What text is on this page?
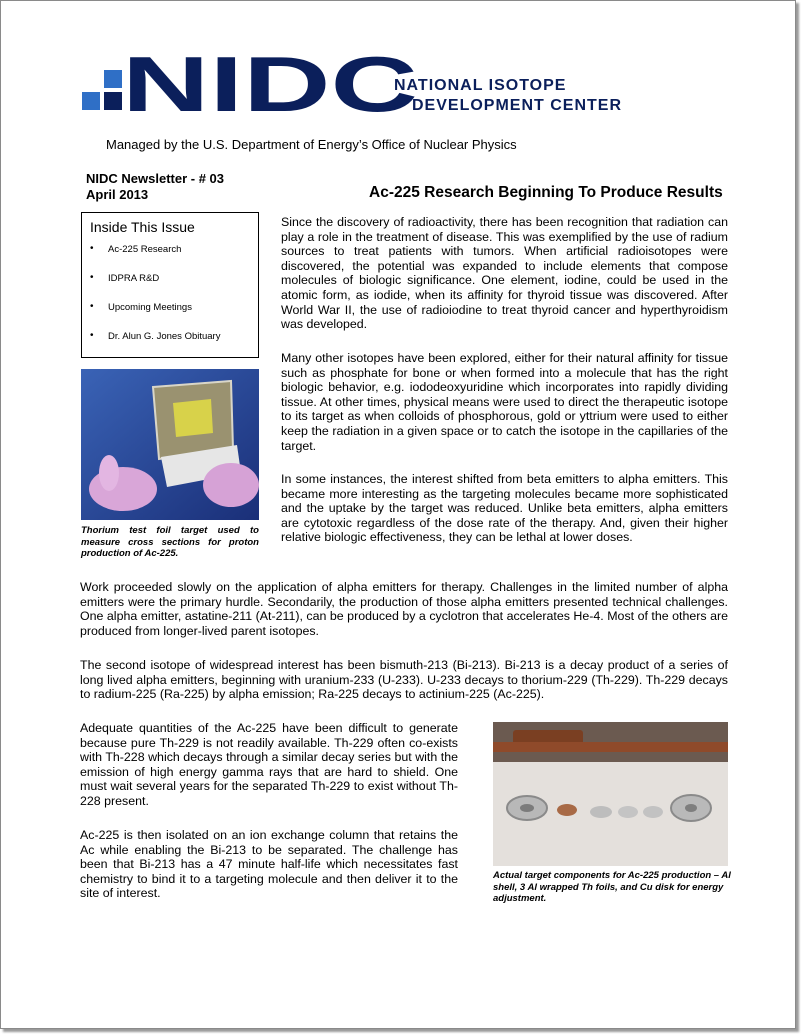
NIDC
NATIONAL ISOTOPE
DEVELOPMENT CENTER
Managed by the U.S. Department of Energy’s Office of Nuclear Physics
NIDC Newsletter - # 03
April 2013	Ac-225 Research Beginning To Produce Results
Inside This Issue
• Ac-225 Research
• IDPRA R&D
• Upcoming Meetings
• Dr. Alun G. Jones Obituary
Thorium test foil target used to measure cross sections for proton production of Ac-225.

Since the discovery of radioactivity, there has been recognition that radiation can play a role in the treatment of disease. This was exemplified by the use of radium sources to treat patients with tumors. When artificial radioisotopes were discovered, the potential was expanded to include elements that compose molecules of biologic significance. One element, iodine, could be used in the atomic form, as iodide, when its affinity for thyroid tissue was discovered. After World War II, the use of radioiodine to treat thyroid cancer and hyperthyroidism was developed.

Many other isotopes have been explored, either for their natural affinity for tissue such as phosphate for bone or when formed into a molecule that has the right biologic behavior, e.g. iododeoxyuridine which incorporates into rapidly dividing tissue. At other times, physical means were used to direct the therapeutic isotope to its target as when colloids of phosphorous, gold or yttrium were used to either keep the radiation in a given space or to catch the isotope in the capillaries of the target.

In some instances, the interest shifted from beta emitters to alpha emitters. This became more interesting as the targeting molecules became more sophisticated and the uptake by the target was reduced. Unlike beta emitters, alpha emitters are cytotoxic regardless of the dose rate of the therapy. And, given their higher relative biologic effectiveness, they can be lethal at lower doses.

Work proceeded slowly on the application of alpha emitters for therapy. Challenges in the limited number of alpha emitters were the primary hurdle. Secondarily, the production of those alpha emitters presented technical challenges. One alpha emitter, astatine-211 (At-211), can be produced by a cyclotron that accelerates He-4. Most of the others are produced from longer-lived parent isotopes.

The second isotope of widespread interest has been bismuth-213 (Bi-213). Bi-213 is a decay product of a series of long lived alpha emitters, beginning with uranium-233 (U-233). U-233 decays to thorium-229 (Th-229). Th-229 decays to radium-225 (Ra-225) by alpha emission; Ra-225 decays to actinium-225 (Ac-225).

Adequate quantities of the Ac-225 have been difficult to generate because pure Th-229 is not readily available. Th-229 often co-exists with Th-228 which decays through a similar decay series but with the emission of high energy gamma rays that are hard to shield. One must wait several years for the separated Th-229 to exist without Th-228 present.

Ac-225 is then isolated on an ion exchange column that retains the Ac while enabling the Bi-213 to be separated. The challenge has been that Bi-213 has a 47 minute half-life which necessitates fast chemistry to bind it to a targeting molecule and then deliver it to the site of interest.

Actual target components for Ac-225 production – Al shell, 3 Al wrapped Th foils, and Cu disk for energy adjustment.
